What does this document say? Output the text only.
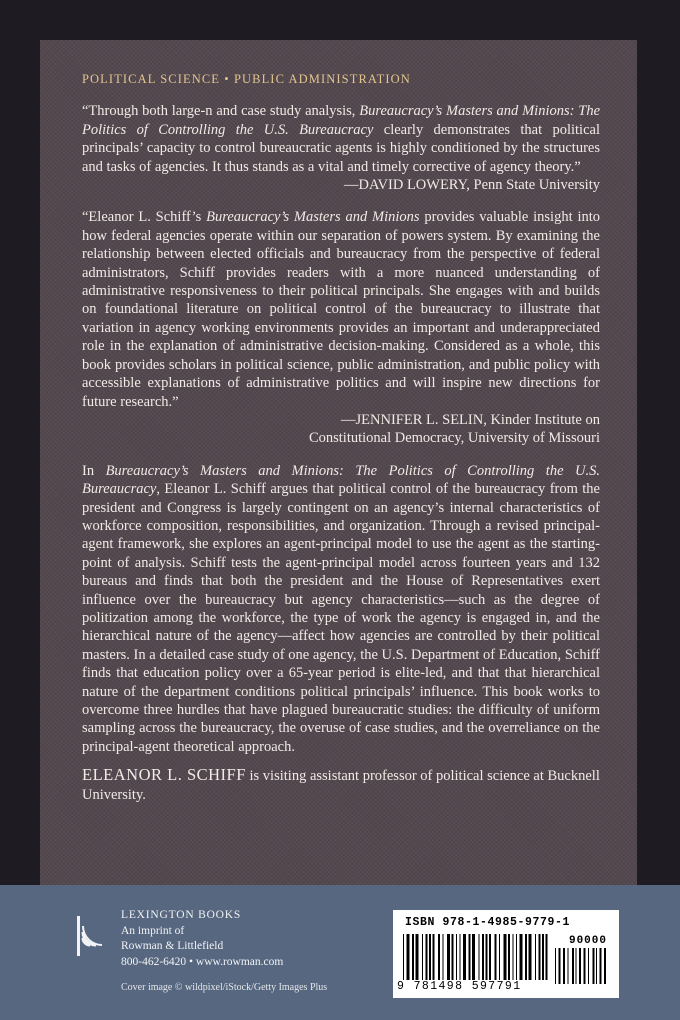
POLITICAL SCIENCE • PUBLIC ADMINISTRATION
“Through both large-n and case study analysis, Bureaucracy’s Masters and Minions: The Politics of Controlling the U.S. Bureaucracy clearly demonstrates that political principals’ capacity to control bureaucratic agents is highly conditioned by the structures and tasks of agencies. It thus stands as a vital and timely corrective of agency theory.”
—DAVID LOWERY, Penn State University
“Eleanor L. Schiff’s Bureaucracy’s Masters and Minions provides valuable insight into how federal agencies operate within our separation of powers system. By examining the relationship between elected officials and bureaucracy from the perspective of federal administrators, Schiff provides readers with a more nuanced understanding of administrative responsiveness to their political principals. She engages with and builds on foundational literature on political control of the bureaucracy to illustrate that variation in agency working environments provides an important and underappreciated role in the explanation of administrative decision-making. Considered as a whole, this book provides scholars in political science, public administration, and public policy with accessible explanations of administrative politics and will inspire new directions for future research.”
—JENNIFER L. SELIN, Kinder Institute on
Constitutional Democracy, University of Missouri
In Bureaucracy’s Masters and Minions: The Politics of Controlling the U.S. Bureaucracy, Eleanor L. Schiff argues that political control of the bureaucracy from the president and Congress is largely contingent on an agency’s internal characteristics of workforce composition, responsibilities, and organization. Through a revised principal-agent framework, she explores an agent-principal model to use the agent as the starting-point of analysis. Schiff tests the agent-principal model across fourteen years and 132 bureaus and finds that both the president and the House of Representatives exert influence over the bureaucracy but agency characteristics—such as the degree of politization among the workforce, the type of work the agency is engaged in, and the hierarchical nature of the agency—affect how agencies are controlled by their political masters. In a detailed case study of one agency, the U.S. Department of Education, Schiff finds that education policy over a 65-year period is elite-led, and that that hierarchical nature of the department conditions political principals’ influence. This book works to overcome three hurdles that have plagued bureaucratic studies: the difficulty of uniform sampling across the bureaucracy, the overuse of case studies, and the overreliance on the principal-agent theoretical approach.
ELEANOR L. SCHIFF is visiting assistant professor of political science at Bucknell University.
LEXINGTON BOOKS
An imprint of
Rowman & Littlefield
800-462-6420 • www.rowman.com
Cover image © wildpixel/iStock/Getty Images Plus
ISBN 978-1-4985-9779-1
90000
9 781498 597791
